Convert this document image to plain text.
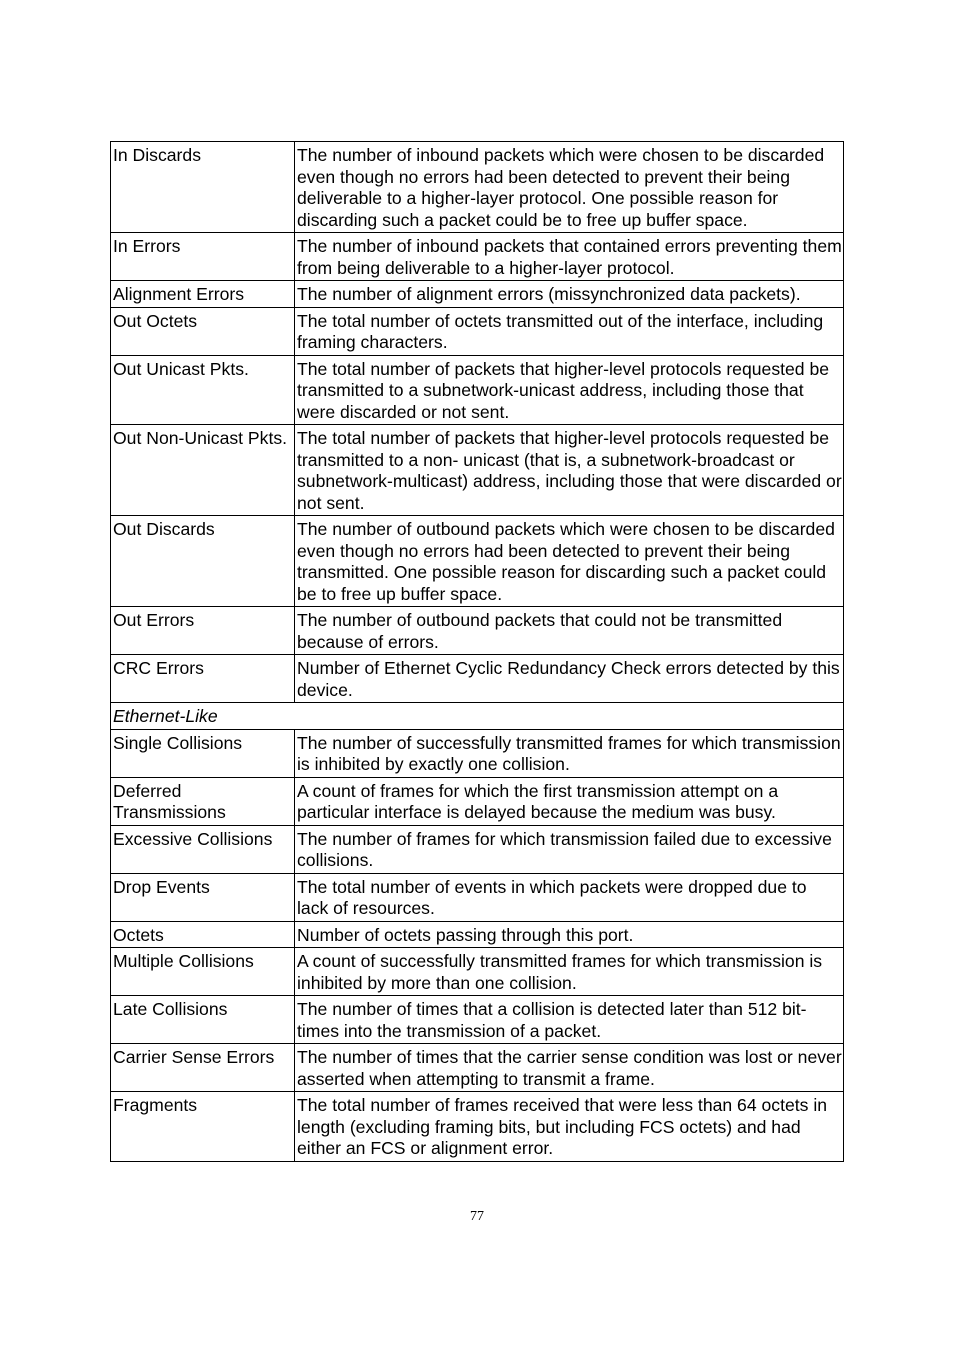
In Discards	The number of inbound packets which were chosen to be discarded even though no errors had been detected to prevent their being deliverable to a higher-layer protocol. One possible reason for discarding such a packet could be to free up buffer space.
In Errors	The number of inbound packets that contained errors preventing them from being deliverable to a higher-layer protocol.
Alignment Errors	The number of alignment errors (missynchronized data packets).
Out Octets	The total number of octets transmitted out of the interface, including framing characters.
Out Unicast Pkts.	The total number of packets that higher-level protocols requested be transmitted to a subnetwork-unicast address, including those that were discarded or not sent.
Out Non-Unicast Pkts.	The total number of packets that higher-level protocols requested be transmitted to a non- unicast (that is, a subnetwork-broadcast or subnetwork-multicast) address, including those that were discarded or not sent.
Out Discards	The number of outbound packets which were chosen to be discarded even though no errors had been detected to prevent their being transmitted. One possible reason for discarding such a packet could be to free up buffer space.
Out Errors	The number of outbound packets that could not be transmitted because of errors.
CRC Errors	Number of Ethernet Cyclic Redundancy Check errors detected by this device.
Ethernet-Like	
Single Collisions	The number of successfully transmitted frames for which transmission is inhibited by exactly one collision.
Deferred Transmissions	A count of frames for which the first transmission attempt on a particular interface is delayed because the medium was busy.
Excessive Collisions	The number of frames for which transmission failed due to excessive collisions.
Drop Events	The total number of events in which packets were dropped due to lack of resources.
Octets	Number of octets passing through this port.
Multiple Collisions	A count of successfully transmitted frames for which transmission is inhibited by more than one collision.
Late Collisions	The number of times that a collision is detected later than 512 bit-times into the transmission of a packet.
Carrier Sense Errors	The number of times that the carrier sense condition was lost or never asserted when attempting to transmit a frame.
Fragments	The total number of frames received that were less than 64 octets in length (excluding framing bits, but including FCS octets) and had either an FCS or alignment error.
77
